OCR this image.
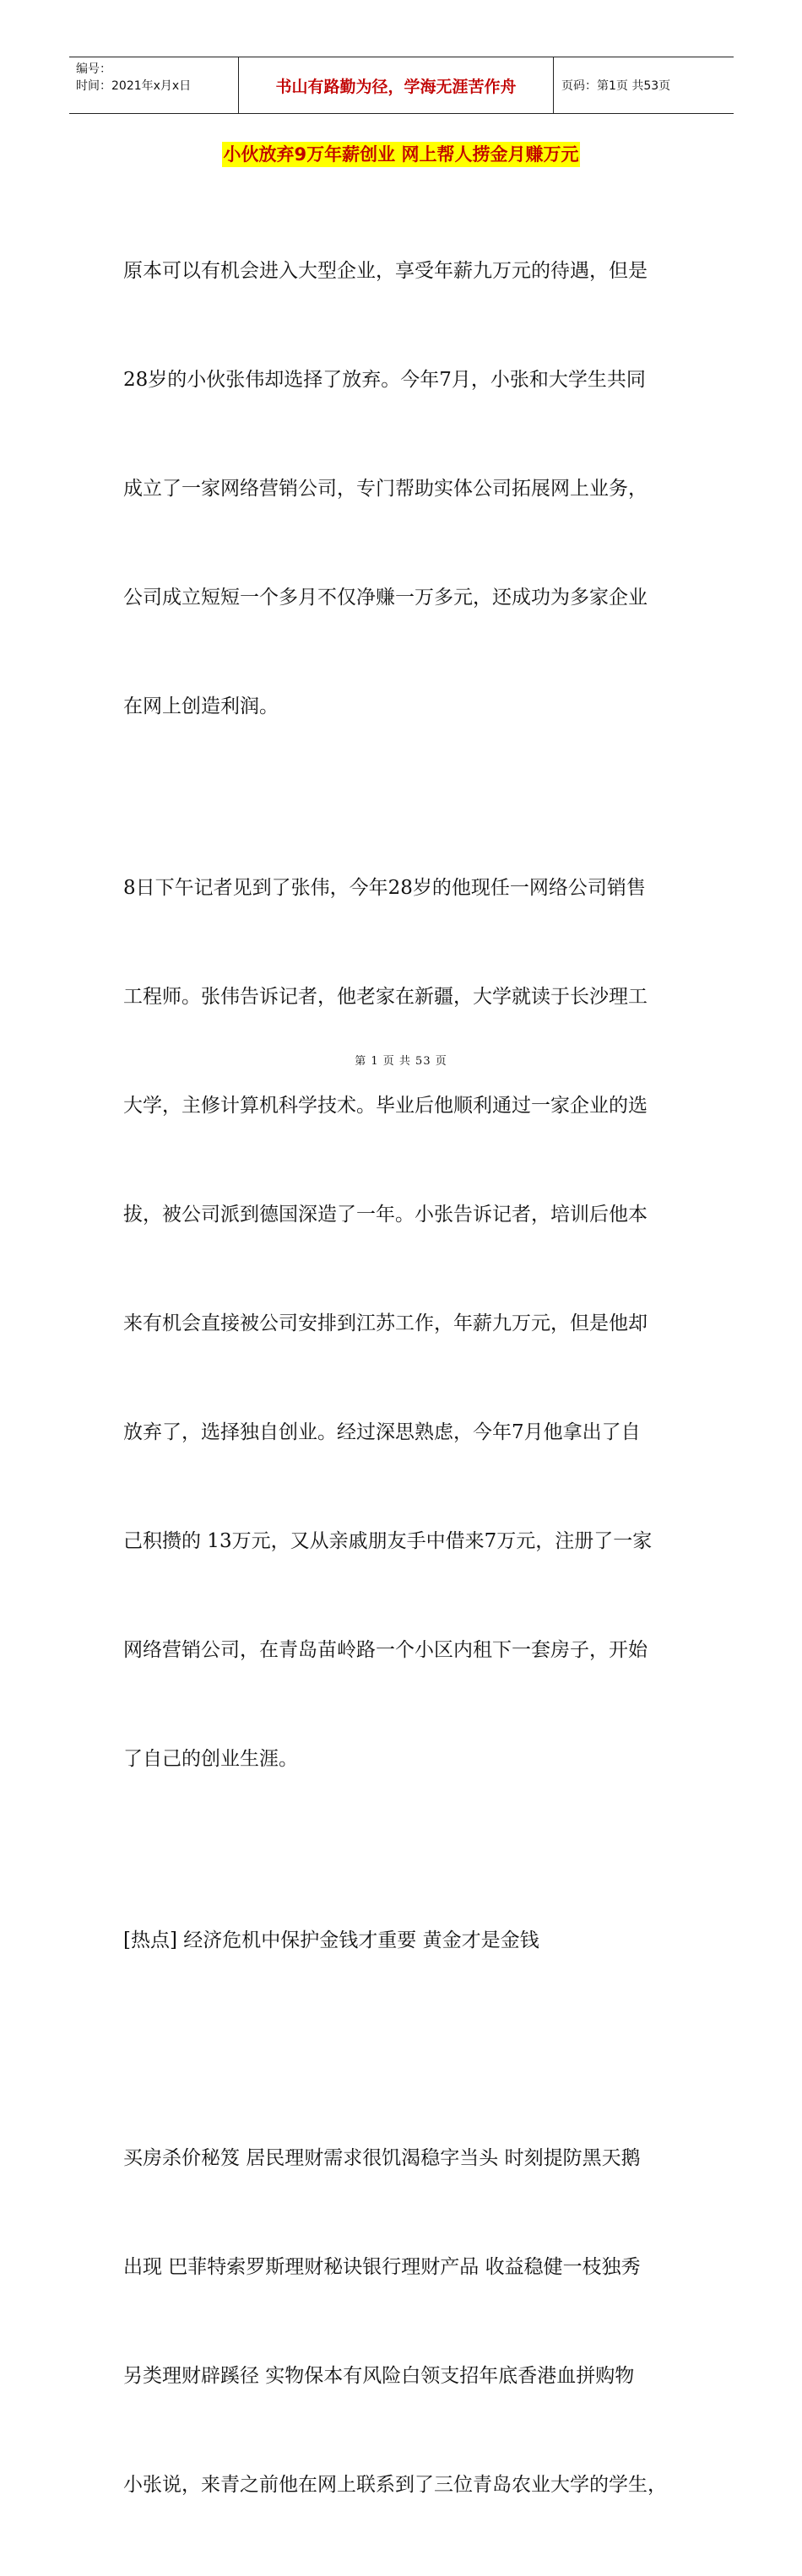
编号：
时间：2021年x月x日	书山有路勤为径，学海无涯苦作舟	页码：第1页 共53页
小伙放弃9万年薪创业 网上帮人捞金月赚万元

原本可以有机会进入大型企业，享受年薪九万元的待遇，但是

28岁的小伙张伟却选择了放弃。今年7月，小张和大学生共同

成立了一家网络营销公司，专门帮助实体公司拓展网上业务，

公司成立短短一个多月不仅净赚一万多元，还成功为多家企业

在网上创造利润。

8日下午记者见到了张伟，今年28岁的他现任一网络公司销售

工程师。张伟告诉记者，他老家在新疆，大学就读于长沙理工

大学，主修计算机科学技术。毕业后他顺利通过一家企业的选

拔，被公司派到德国深造了一年。小张告诉记者，培训后他本

来有机会直接被公司安排到江苏工作，年薪九万元，但是他却

放弃了，选择独自创业。经过深思熟虑，今年7月他拿出了自

己积攒的 13万元，又从亲戚朋友手中借来7万元，注册了一家

网络营销公司，在青岛苗岭路一个小区内租下一套房子，开始

了自己的创业生涯。

[热点] 经济危机中保护金钱才重要 黄金才是金钱

买房杀价秘笈 居民理财需求很饥渴稳字当头 时刻提防黑天鹅

出现 巴菲特索罗斯理财秘诀银行理财产品 收益稳健一枝独秀

另类理财辟蹊径 实物保本有风险白领支招年底香港血拼购物

小张说，来青之前他在网上联系到了三位青岛农业大学的学生，

第 1 页 共 53 页
